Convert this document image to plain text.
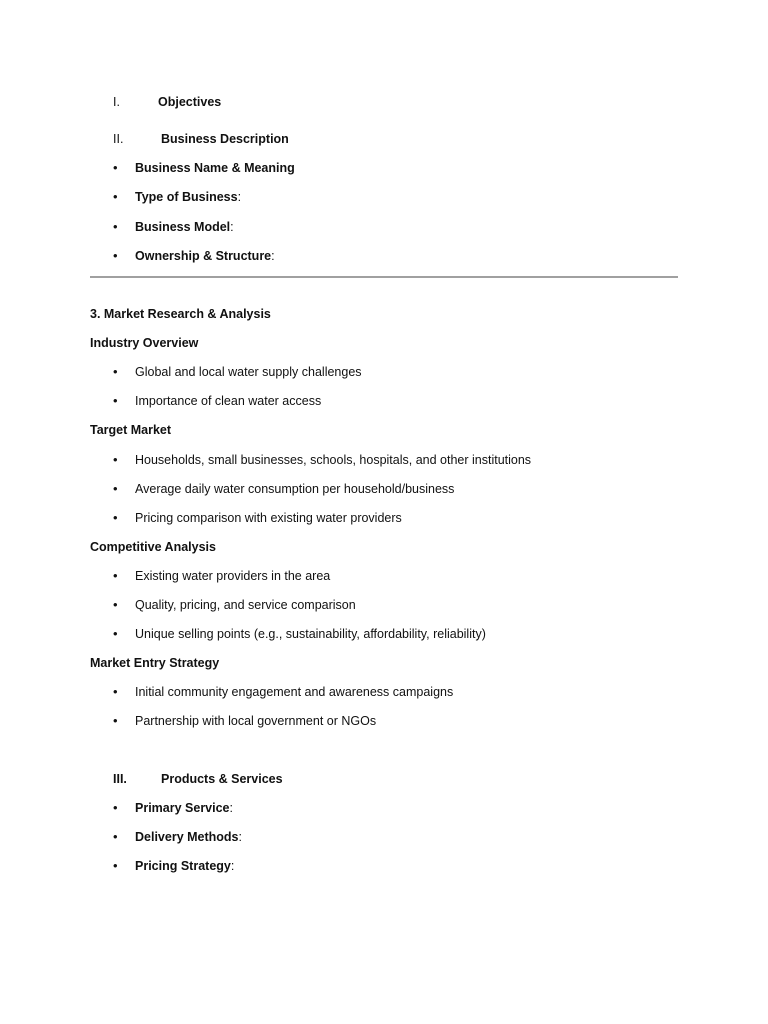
I.	Objectives
II.	Business Description
• Business Name & Meaning
• Type of Business:
• Business Model:
• Ownership & Structure:
3. Market Research & Analysis
Industry Overview
• Global and local water supply challenges
• Importance of clean water access
Target Market
• Households, small businesses, schools, hospitals, and other institutions
• Average daily water consumption per household/business
• Pricing comparison with existing water providers
Competitive Analysis
• Existing water providers in the area
• Quality, pricing, and service comparison
• Unique selling points (e.g., sustainability, affordability, reliability)
Market Entry Strategy
• Initial community engagement and awareness campaigns
• Partnership with local government or NGOs
III.	Products & Services
• Primary Service:
• Delivery Methods:
• Pricing Strategy:
